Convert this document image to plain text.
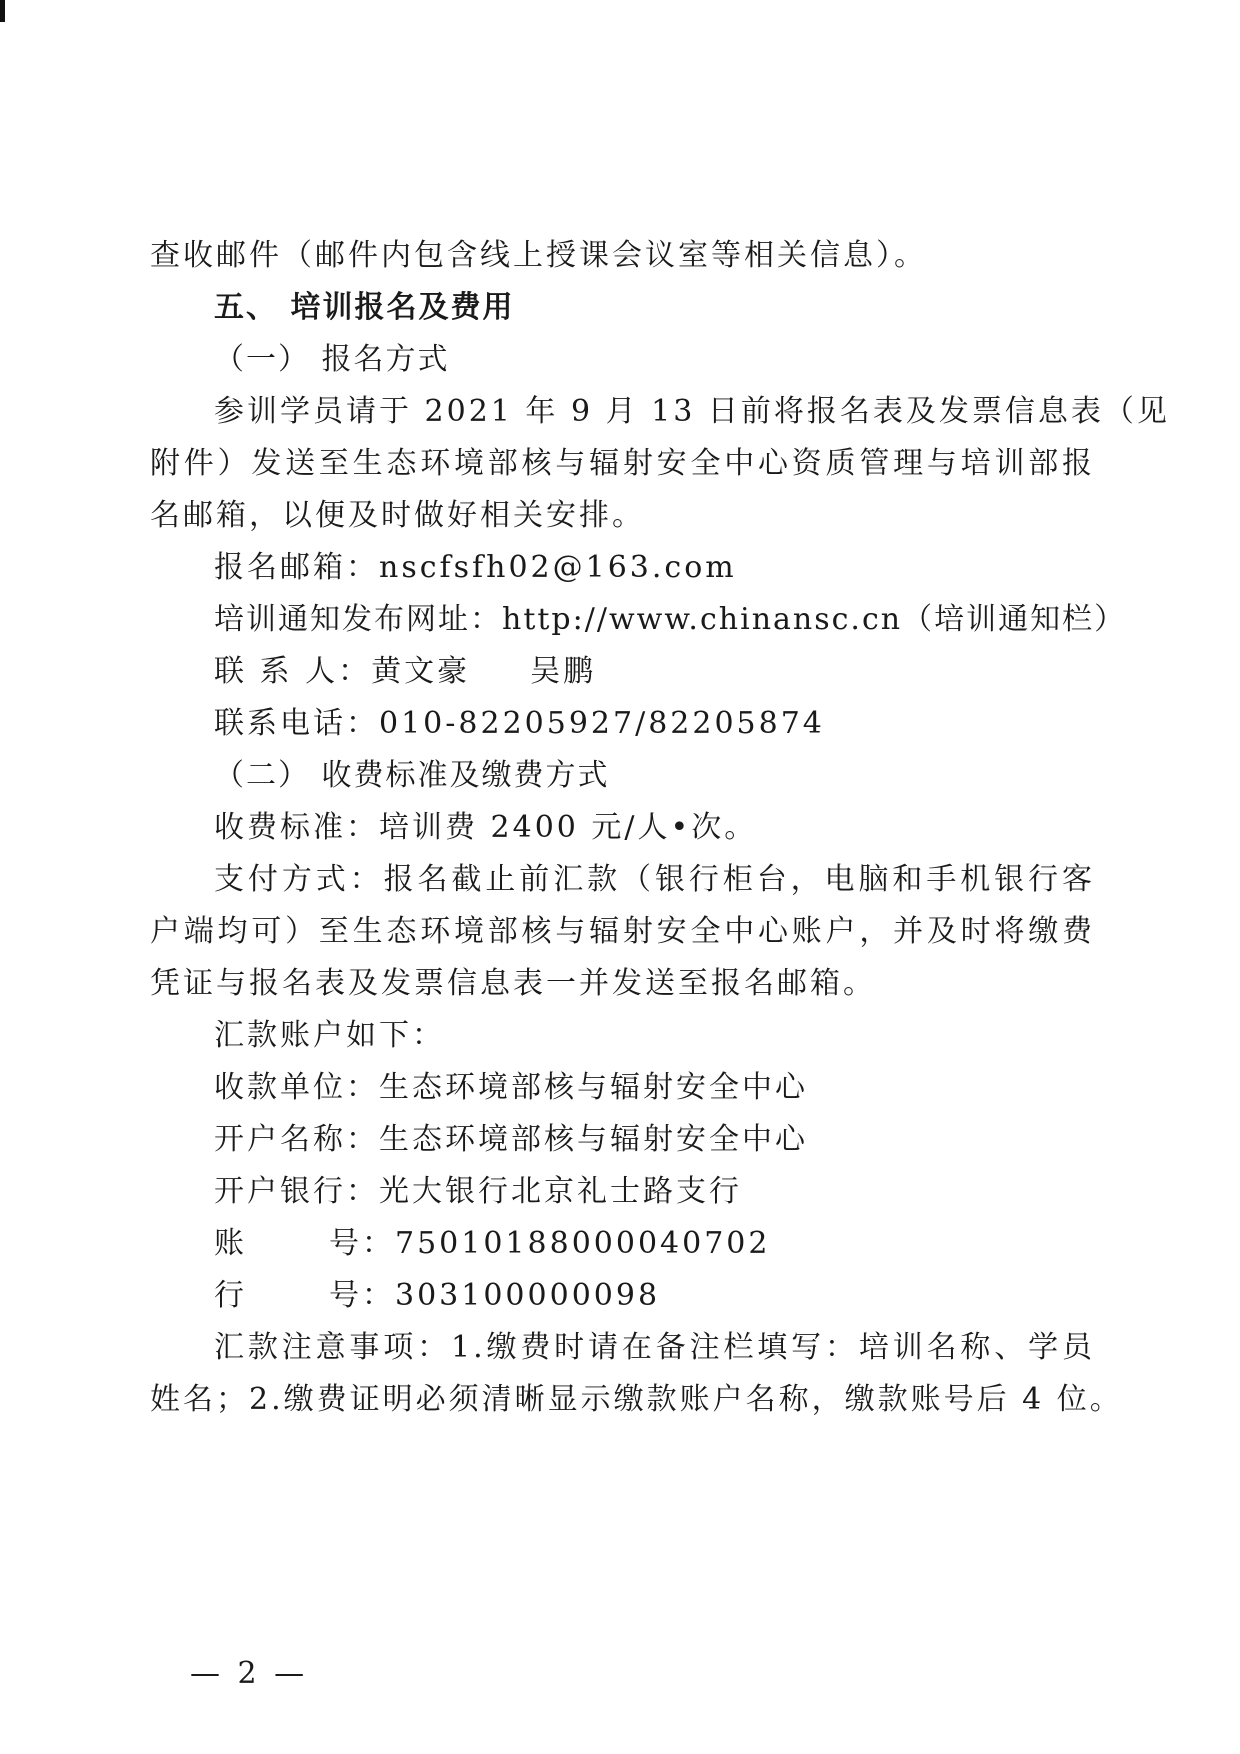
查收邮件（邮件内包含线上授课会议室等相关信息）。
五、 培训报名及费用
（一） 报名方式
参训学员请于 2021 年 9 月 13 日前将报名表及发票信息表（见
附件）发送至生态环境部核与辐射安全中心资质管理与培训部报
名邮箱，以便及时做好相关安排。
报名邮箱：nscfsfh02@163.com
培训通知发布网址：http://www.chinansc.cn（培训通知栏）
联 系 人：黄文豪 吴鹏
联系电话：010-82205927/82205874
（二） 收费标准及缴费方式
收费标准：培训费 2400 元/人•次。
支付方式：报名截止前汇款（银行柜台，电脑和手机银行客
户端均可）至生态环境部核与辐射安全中心账户，并及时将缴费
凭证与报名表及发票信息表一并发送至报名邮箱。
汇款账户如下：
收款单位：生态环境部核与辐射安全中心
开户名称：生态环境部核与辐射安全中心
开户银行：光大银行北京礼士路支行
账	号：75010188000040702
行	号：303100000098
汇款注意事项：1.缴费时请在备注栏填写：培训名称、学员
姓名；2.缴费证明必须清晰显示缴款账户名称，缴款账号后 4 位。
— 2 —
